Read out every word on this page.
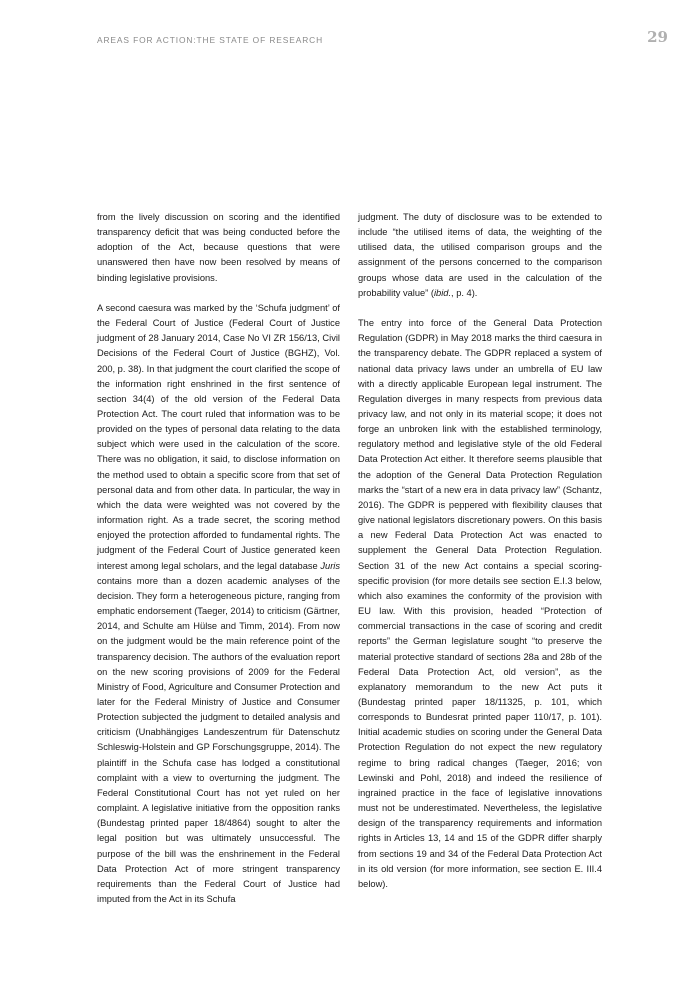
AREAS FOR ACTION:THE STATE OF RESEARCH	29

from the lively discussion on scoring and the identified transparency deficit that was being conducted before the adoption of the Act, because questions that were unanswered then have now been resolved by means of binding legislative provisions.

A second caesura was marked by the ‘Schufa judgment’ of the Federal Court of Justice (Federal Court of Justice judgment of 28 January 2014, Case No VI ZR 156/13, Civil Decisions of the Federal Court of Justice (BGHZ), Vol. 200, p. 38). In that judgment the court clarified the scope of the information right enshrined in the first sentence of section 34(4) of the old version of the Federal Data Protection Act. The court ruled that information was to be provided on the types of personal data relating to the data subject which were used in the calculation of the score. There was no obligation, it said, to disclose information on the method used to obtain a specific score from that set of personal data and from other data. In particular, the way in which the data were weighted was not covered by the information right. As a trade secret, the scoring method enjoyed the protection afforded to fundamental rights. The judgment of the Federal Court of Justice generated keen interest among legal scholars, and the legal database Juris contains more than a dozen academic analyses of the decision. They form a heterogeneous picture, ranging from emphatic endorsement (Taeger, 2014) to criticism (Gärtner, 2014, and Schulte am Hülse and Timm, 2014). From now on the judgment would be the main reference point of the transparency decision. The authors of the evaluation report on the new scoring provisions of 2009 for the Federal Ministry of Food, Agriculture and Consumer Protection and later for the Federal Ministry of Justice and Consumer Protection subjected the judgment to detailed analysis and criticism (Unabhängiges Landeszentrum für Datenschutz Schleswig-Holstein and GP Forschungsgruppe, 2014). The plaintiff in the Schufa case has lodged a constitutional complaint with a view to overturning the judgment. The Federal Constitutional Court has not yet ruled on her complaint. A legislative initiative from the opposition ranks (Bundestag printed paper 18/4864) sought to alter the legal position but was ultimately unsuccessful. The purpose of the bill was the enshrinement in the Federal Data Protection Act of more stringent transparency requirements than the Federal Court of Justice had imputed from the Act in its Schufa

judgment. The duty of disclosure was to be extended to include “the utilised items of data, the weighting of the utilised data, the utilised comparison groups and the assignment of the persons concerned to the comparison groups whose data are used in the calculation of the probability value” (ibid., p. 4).

The entry into force of the General Data Protection Regulation (GDPR) in May 2018 marks the third caesura in the transparency debate. The GDPR replaced a system of national data privacy laws under an umbrella of EU law with a directly applicable European legal instrument. The Regulation diverges in many respects from previous data privacy law, and not only in its material scope; it does not forge an unbroken link with the established terminology, regulatory method and legislative style of the old Federal Data Protection Act either. It therefore seems plausible that the adoption of the General Data Protection Regulation marks the “start of a new era in data privacy law” (Schantz, 2016). The GDPR is peppered with flexibility clauses that give national legislators discretionary powers. On this basis a new Federal Data Protection Act was enacted to supplement the General Data Protection Regulation. Section 31 of the new Act contains a special scoring-specific provision (for more details see section E.I.3 below, which also examines the conformity of the provision with EU law. With this provision, headed “Protection of commercial transactions in the case of scoring and credit reports” the German legislature sought “to preserve the material protective standard of sections 28a and 28b of the Federal Data Protection Act, old version”, as the explanatory memorandum to the new Act puts it (Bundestag printed paper 18/11325, p. 101, which corresponds to Bundesrat printed paper 110/17, p. 101). Initial academic studies on scoring under the General Data Protection Regulation do not expect the new regulatory regime to bring radical changes (Taeger, 2016; von Lewinski and Pohl, 2018) and indeed the resilience of ingrained practice in the face of legislative innovations must not be underestimated. Nevertheless, the legislative design of the transparency requirements and information rights in Articles 13, 14 and 15 of the GDPR differ sharply from sections 19 and 34 of the Federal Data Protection Act in its old version (for more information, see section E. III.4 below).
